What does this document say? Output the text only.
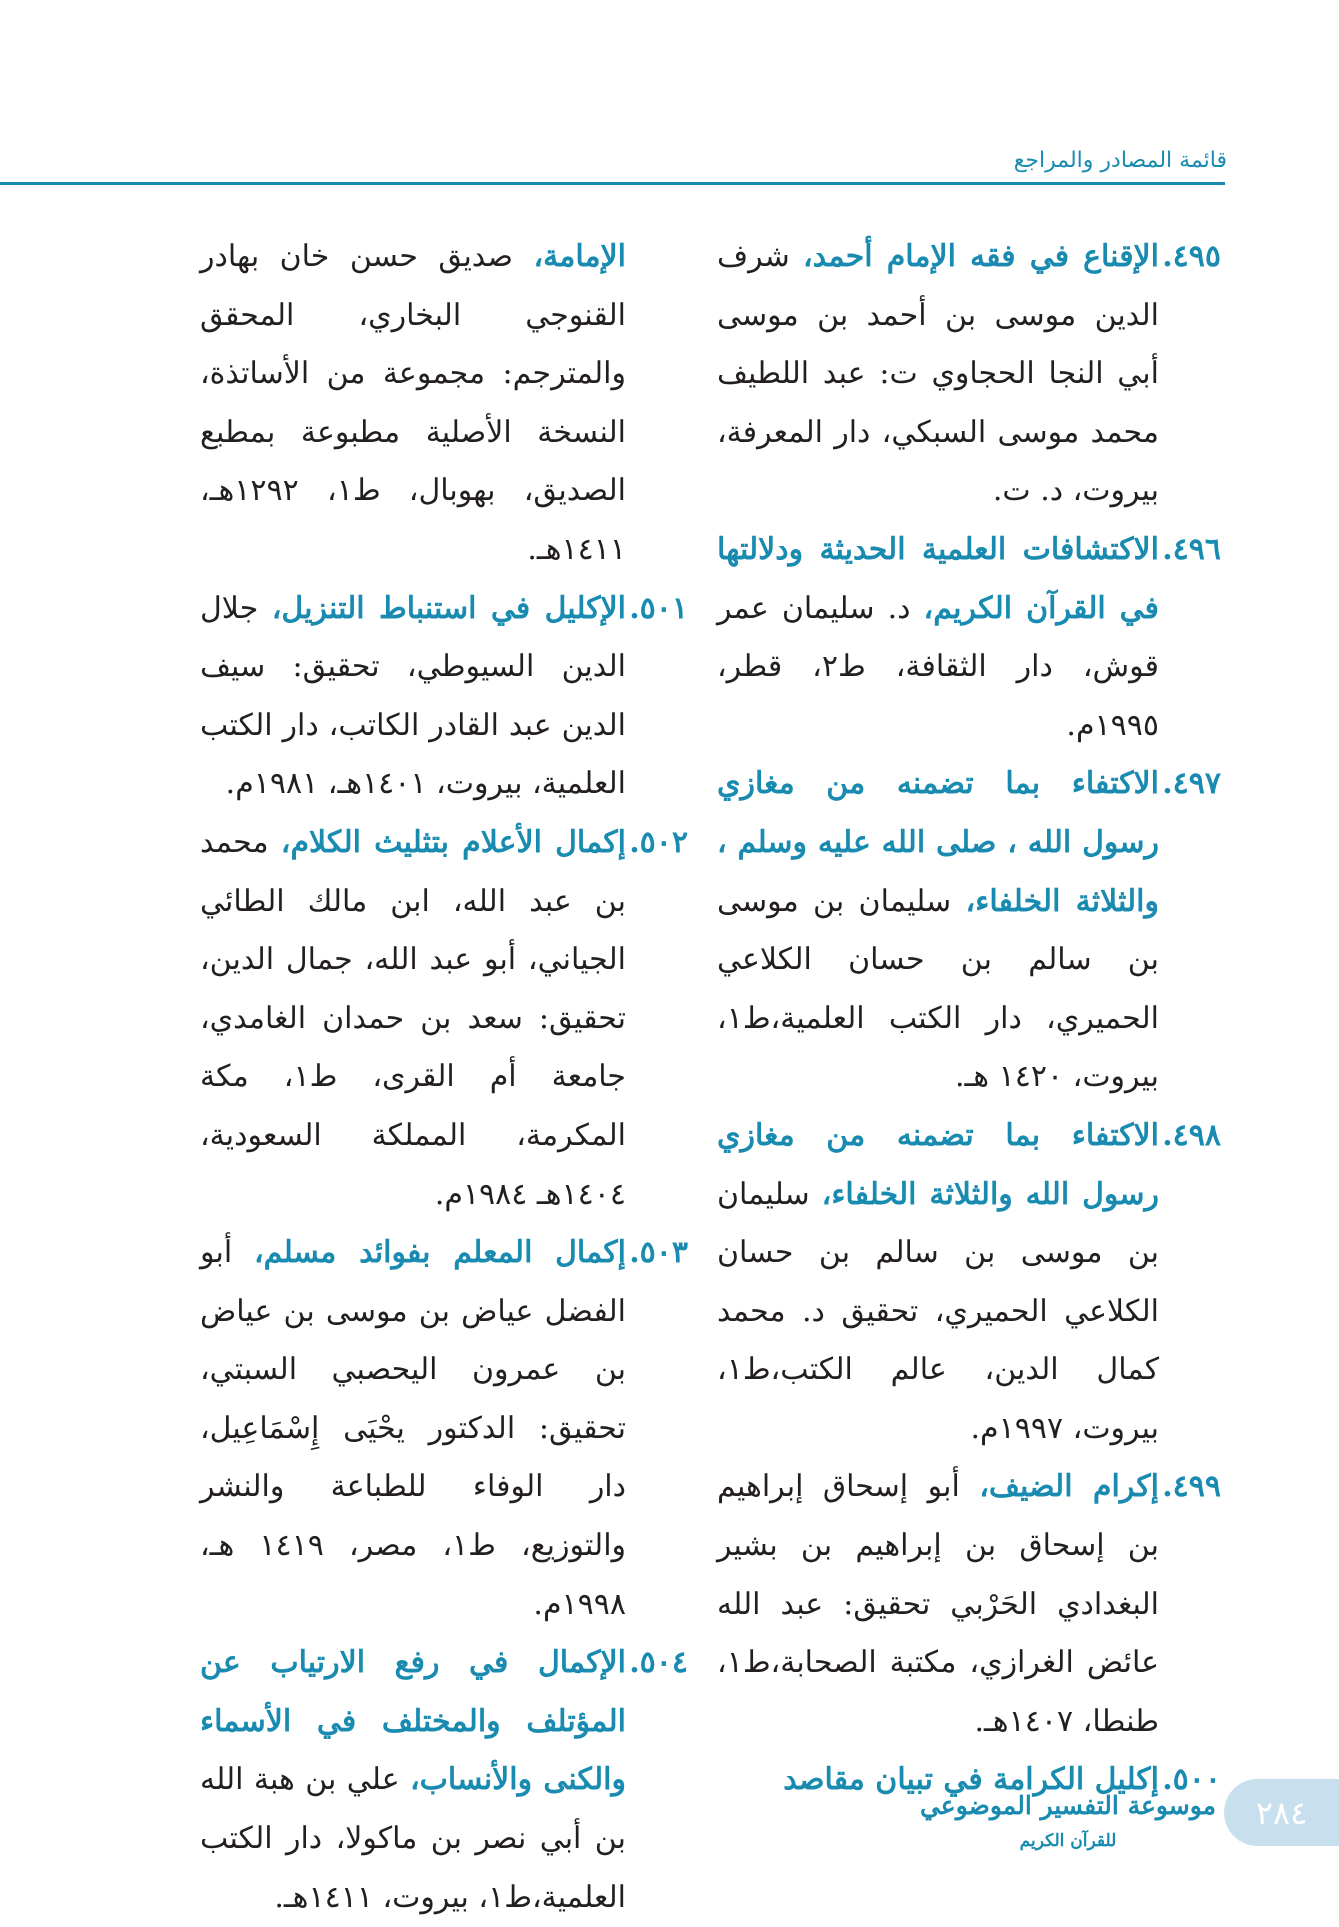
قائمة المصادر والمراجع
٤٩٥.
الإقناع في فقه الإمام أحمد، شرف الدين موسى بن أحمد بن موسى أبي النجا الحجاوي ت: عبد اللطيف محمد موسى السبكي، دار المعرفة، بيروت، د. ت.
٤٩٦.
الاكتشافات العلمية الحديثة ودلالتها في القرآن الكريم، د. سليمان عمر قوش، دار الثقافة، ط٢، قطر، ١٩٩٥م.
٤٩٧.
الاكتفاء بما تضمنه من مغازي رسول الله ، صلى الله عليه وسلم ، والثلاثة الخلفاء، سليمان بن موسى بن سالم بن حسان الكلاعي الحميري، دار الكتب العلمية،ط١، بيروت، ١٤٢٠ هـ.
٤٩٨.
الاكتفاء بما تضمنه من مغازي رسول الله والثلاثة الخلفاء، سليمان بن موسى بن سالم بن حسان الكلاعي الحميري، تحقيق د. محمد كمال الدين، عالم الكتب،ط١، بيروت، ١٩٩٧م.
٤٩٩.
إكرام الضيف، أبو إسحاق إبراهيم بن إسحاق بن إبراهيم بن بشير البغدادي الحَرْبي تحقيق: عبد الله عائض الغرازي، مكتبة الصحابة،ط١، طنطا، ١٤٠٧هـ.
٥٠٠.
إكليل الكرامة في تبيان مقاصد
الإمامة، صديق حسن خان بهادر القنوجي البخاري، المحقق والمترجم: مجموعة من الأساتذة، النسخة الأصلية مطبوعة بمطبع الصديق، بهوبال، ط١، ١٢٩٢هـ، ١٤١١هـ.
٥٠١.
الإكليل في استنباط التنزيل، جلال الدين السيوطي، تحقيق: سيف الدين عبد القادر الكاتب، دار الكتب العلمية، بيروت، ١٤٠١هـ، ١٩٨١م.
٥٠٢.
إكمال الأعلام بتثليث الكلام، محمد بن عبد الله، ابن مالك الطائي الجياني، أبو عبد الله، جمال الدين، تحقيق: سعد بن حمدان الغامدي، جامعة أم القرى، ط١، مكة المكرمة، المملكة السعودية، ١٤٠٤هـ ١٩٨٤م.
٥٠٣.
إكمال المعلم بفوائد مسلم، أبو الفضل عياض بن موسى بن عياض بن عمرون اليحصبي السبتي، تحقيق: الدكتور يحْيَى إِسْمَاعِيل، دار الوفاء للطباعة والنشر والتوزيع، ط١، مصر، ١٤١٩ هـ، ١٩٩٨م.
٥٠٤.
الإكمال في رفع الارتياب عن المؤتلف والمختلف في الأسماء والكنى والأنساب، علي بن هبة الله بن أبي نصر بن ماكولا، دار الكتب العلمية،ط١، بيروت، ١٤١١هـ.
موسوعة التفسير الموضوعي
للقرآن الكريم
٢٨٤
